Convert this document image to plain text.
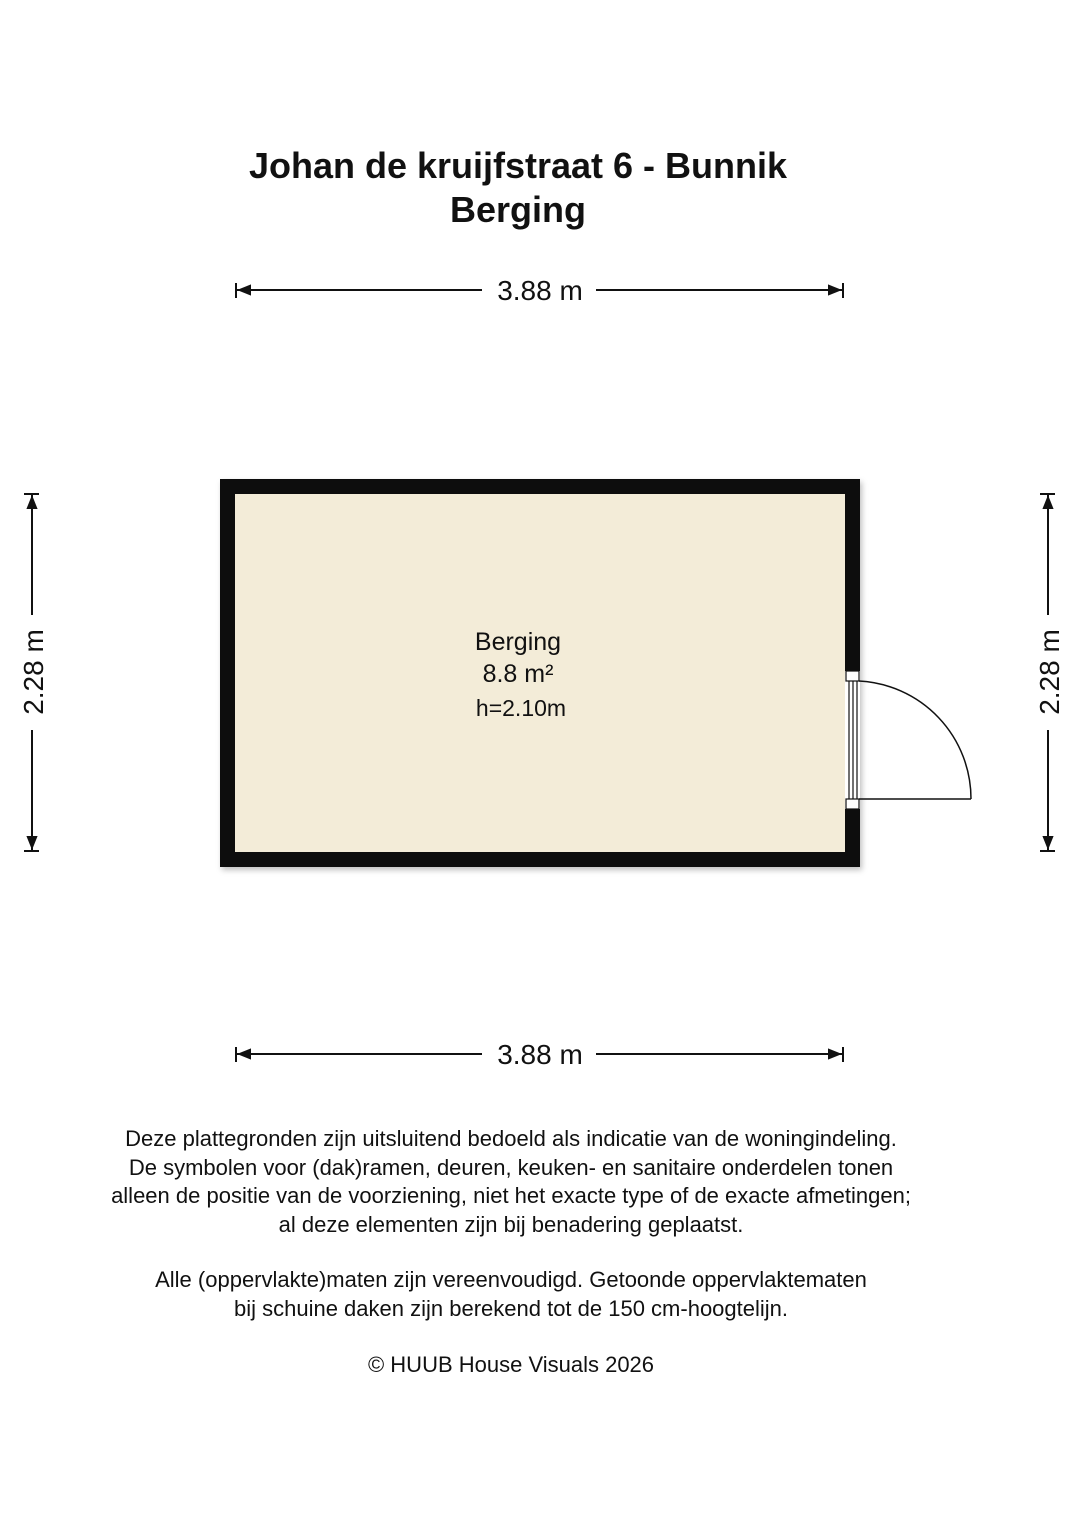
Johan de kruijfstraat 6 - Bunnik
Berging
3.88 m
3.88 m
2.28 m	2.28 m
Berging
8.8 m²
h=2.10m
Deze plattegronden zijn uitsluitend bedoeld als indicatie van de woningindeling.
De symbolen voor (dak)ramen, deuren, keuken- en sanitaire onderdelen tonen
alleen de positie van de voorziening, niet het exacte type of de exacte afmetingen;
al deze elementen zijn bij benadering geplaatst.
Alle (oppervlakte)maten zijn vereenvoudigd. Getoonde oppervlaktematen
bij schuine daken zijn berekend tot de 150 cm-hoogtelijn.
© HUUB House Visuals 2026
